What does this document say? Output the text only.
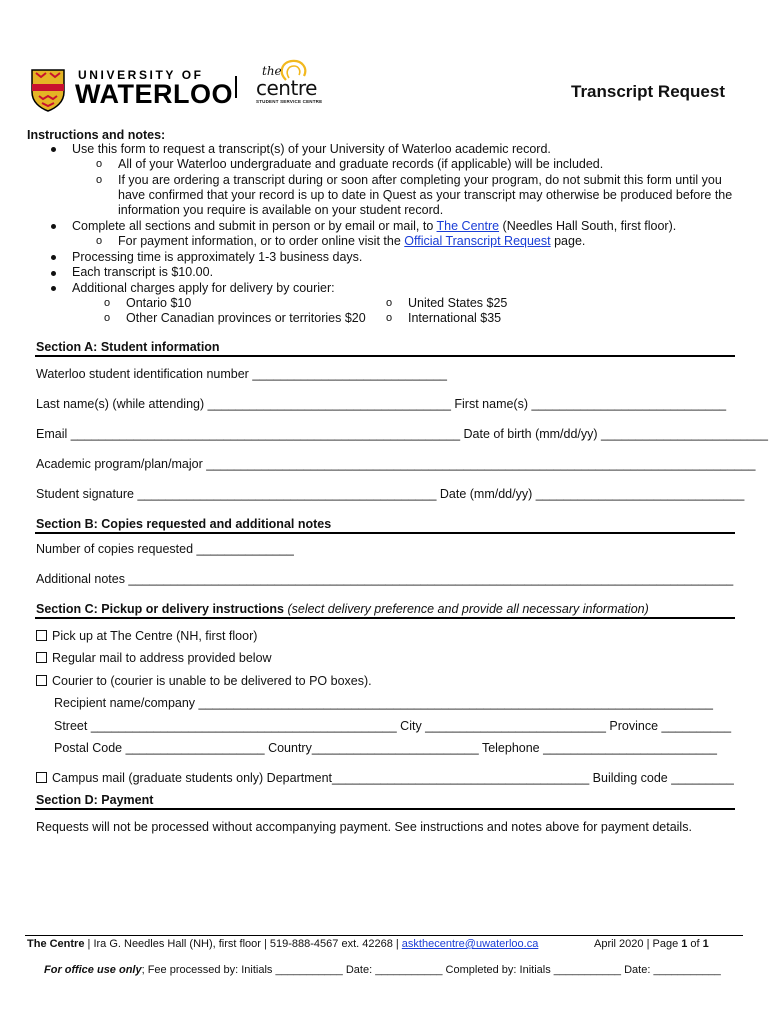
UNIVERSITY OF
WATERLOO
the
centre
STUDENT SERVICE CENTRE
Transcript Request
Instructions and notes:
Use this form to request a transcript(s) of your University of Waterloo academic record.
o All of your Waterloo undergraduate and graduate records (if applicable) will be included.
o If you are ordering a transcript during or soon after completing your program, do not submit this form until you
have confirmed that your record is up to date in Quest as your transcript may otherwise be produced before the
information you require is available on your student record.
Complete all sections and submit in person or by email or mail, to The Centre (Needles Hall South, first floor).
o For payment information, or to order online visit the Official Transcript Request page.
Processing time is approximately 1-3 business days.
Each transcript is $10.00.
Additional charges apply for delivery by courier:
o Ontario $10
o Other Canadian provinces or territories $20
o United States $25
o International $35
Section A: Student information
Waterloo student identification number ____________________________
Last name(s) (while attending) ___________________________________ First name(s) ____________________________
Email ________________________________________________________ Date of birth (mm/dd/yy) ________________________
Academic program/plan/major _______________________________________________________________________________
Student signature ___________________________________________ Date (mm/dd/yy) ______________________________
Section B: Copies requested and additional notes
Number of copies requested ______________
Additional notes _______________________________________________________________________________________
Section C: Pickup or delivery instructions (select delivery preference and provide all necessary information)
Pick up at The Centre (NH, first floor)
Regular mail to address provided below
Courier to (courier is unable to be delivered to PO boxes).
Recipient name/company __________________________________________________________________________
Street ____________________________________________ City __________________________ Province __________
Postal Code ____________________ Country________________________ Telephone _________________________
Campus mail (graduate students only) Department_____________________________________ Building code _________
Section D: Payment
Requests will not be processed without accompanying payment. See instructions and notes above for payment details.
The Centre | Ira G. Needles Hall (NH), first floor | 519-888-4567 ext. 42268 | askthecentre@uwaterloo.ca	April 2020 | Page 1 of 1
For office use only; Fee processed by: Initials ___________ Date: ___________ Completed by: Initials ___________ Date: ___________
